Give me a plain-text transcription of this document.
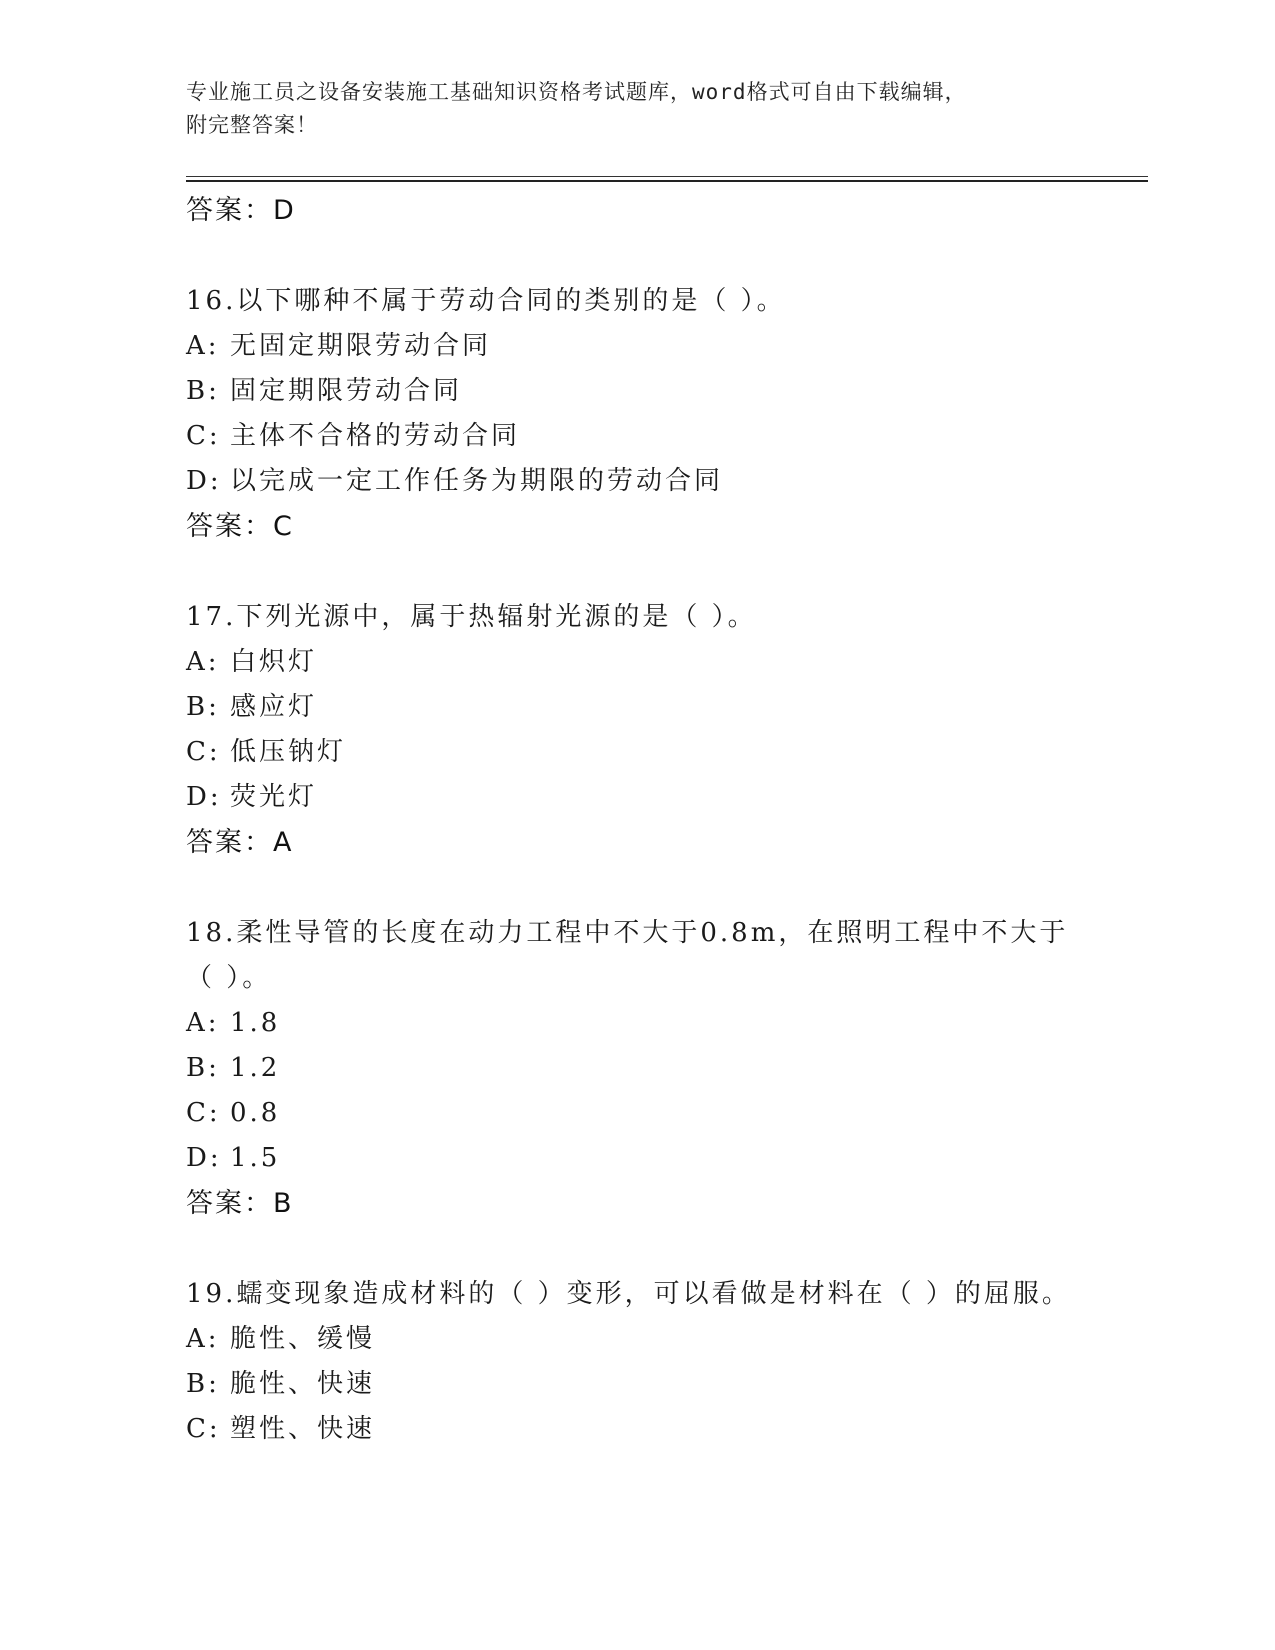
专业施工员之设备安装施工基础知识资格考试题库，word格式可自由下载编辑，
附完整答案！
答案：D
16.以下哪种不属于劳动合同的类别的是（ ）。
A: 无固定期限劳动合同
B: 固定期限劳动合同
C: 主体不合格的劳动合同
D: 以完成一定工作任务为期限的劳动合同
答案：C
17.下列光源中，属于热辐射光源的是（ ）。
A: 白炽灯
B: 感应灯
C: 低压钠灯
D: 荧光灯
答案：A
18.柔性导管的长度在动力工程中不大于0.8m，在照明工程中不大于（ ）。
A: 1.8
B: 1.2
C: 0.8
D: 1.5
答案：B
19.蠕变现象造成材料的（ ）变形，可以看做是材料在（ ）的屈服。
A: 脆性、缓慢
B: 脆性、快速
C: 塑性、快速
